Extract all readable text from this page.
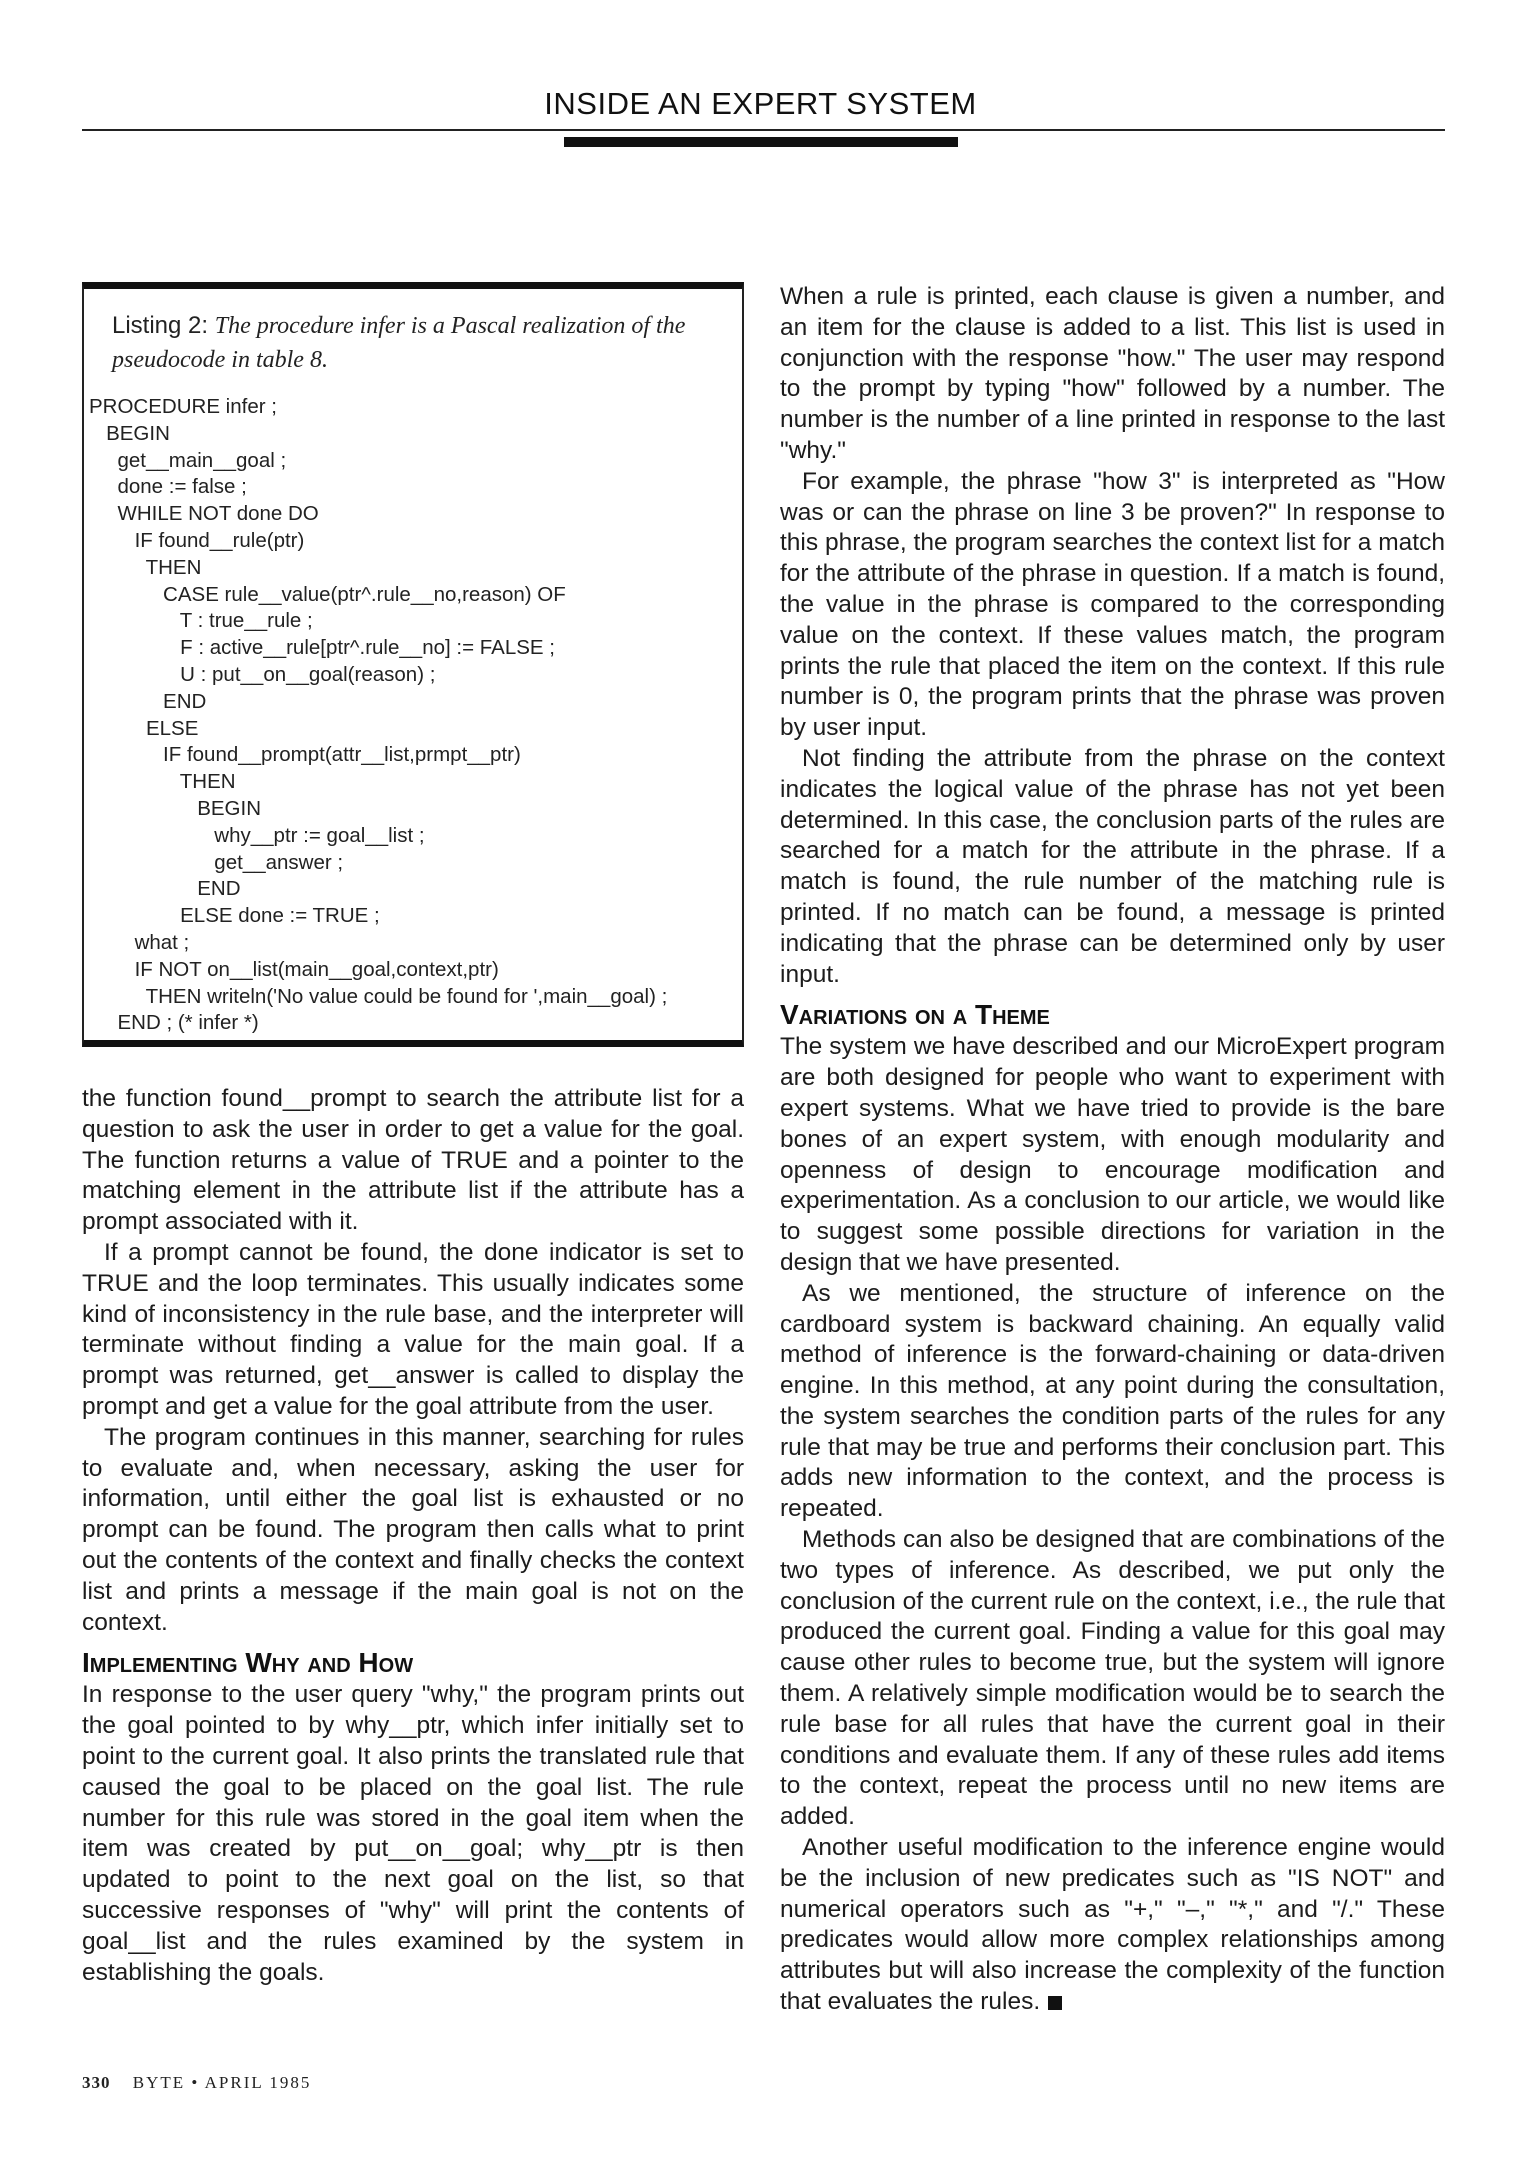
INSIDE AN EXPERT SYSTEM
Listing 2: The procedure infer is a Pascal realization of the pseudocode in table 8.
PROCEDURE infer ;
BEGIN
get__main__goal ;
done := false ;
WHILE NOT done DO
IF found__rule(ptr)
THEN
CASE rule__value(ptr^.rule__no,reason) OF
T : true__rule ;
F : active__rule[ptr^.rule__no] := FALSE ;
U : put__on__goal(reason) ;
END
ELSE
IF found__prompt(attr__list,prmpt__ptr)
THEN
BEGIN
why__ptr := goal__list ;
get__answer ;
END
ELSE done := TRUE ;
what ;
IF NOT on__list(main__goal,context,ptr)
THEN writeln('No value could be found for ',main__goal) ;
END ; (* infer *)

the function found__prompt to search the attribute list for a question to ask the user in order to get a value for the goal. The function returns a value of TRUE and a pointer to the matching element in the attribute list if the attribute has a prompt associated with it.

If a prompt cannot be found, the done indicator is set to TRUE and the loop terminates. This usually indicates some kind of inconsistency in the rule base, and the interpreter will terminate without finding a value for the main goal. If a prompt was returned, get__answer is called to display the prompt and get a value for the goal attribute from the user.

The program continues in this manner, searching for rules to evaluate and, when necessary, asking the user for information, until either the goal list is exhausted or no prompt can be found. The program then calls what to print out the contents of the context and finally checks the context list and prints a message if the main goal is not on the context.

Implementing Why and How

In response to the user query "why," the program prints out the goal pointed to by why__ptr, which infer initially set to point to the current goal. It also prints the translated rule that caused the goal to be placed on the goal list. The rule number for this rule was stored in the goal item when the item was created by put__on__goal; why__ptr is then updated to point to the next goal on the list, so that successive responses of "why" will print the contents of goal__list and the rules examined by the system in establishing the goals.

When a rule is printed, each clause is given a number, and an item for the clause is added to a list. This list is used in conjunction with the response "how." The user may respond to the prompt by typing "how" followed by a number. The number is the number of a line printed in response to the last "why."

For example, the phrase "how 3" is interpreted as "How was or can the phrase on line 3 be proven?" In response to this phrase, the program searches the context list for a match for the attribute of the phrase in question. If a match is found, the value in the phrase is compared to the corresponding value on the context. If these values match, the program prints the rule that placed the item on the context. If this rule number is 0, the program prints that the phrase was proven by user input.

Not finding the attribute from the phrase on the context indicates the logical value of the phrase has not yet been determined. In this case, the conclusion parts of the rules are searched for a match for the attribute in the phrase. If a match is found, the rule number of the matching rule is printed. If no match can be found, a message is printed indicating that the phrase can be determined only by user input.

Variations on a Theme

The system we have described and our MicroExpert program are both designed for people who want to experiment with expert systems. What we have tried to provide is the bare bones of an expert system, with enough modularity and openness of design to encourage modification and experimentation. As a conclusion to our article, we would like to suggest some possible directions for variation in the design that we have presented.

As we mentioned, the structure of inference on the cardboard system is backward chaining. An equally valid method of inference is the forward-chaining or data-driven engine. In this method, at any point during the consultation, the system searches the condition parts of the rules for any rule that may be true and performs their conclusion part. This adds new information to the context, and the process is repeated.

Methods can also be designed that are combinations of the two types of inference. As described, we put only the conclusion of the current rule on the context, i.e., the rule that produced the current goal. Finding a value for this goal may cause other rules to become true, but the system will ignore them. A relatively simple modification would be to search the rule base for all rules that have the current goal in their conditions and evaluate them. If any of these rules add items to the context, repeat the process until no new items are added.

Another useful modification to the inference engine would be the inclusion of new predicates such as "IS NOT" and numerical operators such as "+," "–," "*," and "/." These predicates would allow more complex relationships among attributes but will also increase the complexity of the function that evaluates the rules.

330 BYTE • APRIL 1985
